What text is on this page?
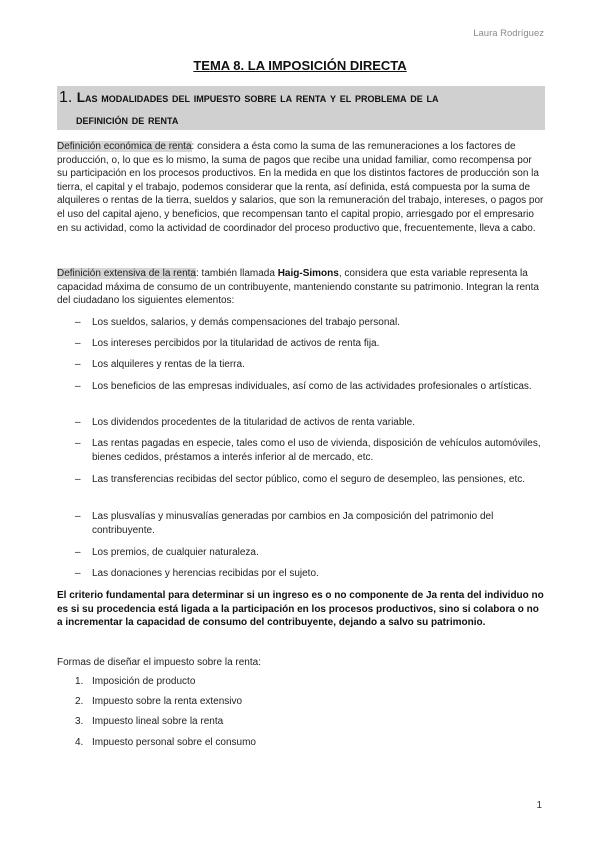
Laura Rodríguez
TEMA 8. LA IMPOSICIÓN DIRECTA
1. Las modalidades del impuesto sobre la renta y el problema de la
definición de renta
Definición económica de renta: considera a ésta como la suma de las remuneraciones a los factores de producción, o, lo que es lo mismo, la suma de pagos que recibe una unidad familiar, como recompensa por su participación en los procesos productivos. En la medida en que los distintos factores de producción son la tierra, el capital y el trabajo, podemos considerar que la renta, así definida, está compuesta por la suma de alquileres o rentas de la tierra, sueldos y salarios, que son la remuneración del trabajo, intereses, o pagos por el uso del capital ajeno, y beneficios, que recompensan tanto el capital propio, arriesgado por el empresario en su actividad, como la actividad de coordinador del proceso productivo que, frecuentemente, lleva a cabo.
Definición extensiva de la renta: también llamada Haig-Simons, considera que esta variable representa la capacidad máxima de consumo de un contribuyente, manteniendo constante su patrimonio. Integran la renta del ciudadano los siguientes elementos:
– Los sueldos, salarios, y demás compensaciones del trabajo personal.
– Los intereses percibidos por la titularidad de activos de renta fija.
– Los alquileres y rentas de la tierra.
– Los beneficios de las empresas individuales, así como de las actividades profesionales o artísticas.
– Los dividendos procedentes de la titularidad de activos de renta variable.
– Las rentas pagadas en especie, tales como el uso de vivienda, disposición de vehículos automóviles, bienes cedidos, préstamos a interés inferior al de mercado, etc.
– Las transferencias recibidas del sector público, como el seguro de desempleo, las pensiones, etc.
– Las plusvalías y minusvalías generadas por cambios en Ja composición del patrimonio del contribuyente.
– Los premios, de cualquier naturaleza.
– Las donaciones y herencias recibidas por el sujeto.
El criterio fundamental para determinar si un ingreso es o no componente de Ja renta del individuo no es si su procedencia está ligada a la participación en los procesos productivos, sino si colabora o no a incrementar la capacidad de consumo del contribuyente, dejando a salvo su patrimonio.
Formas de diseñar el impuesto sobre la renta:
1. Imposición de producto
2. Impuesto sobre la renta extensivo
3. Impuesto lineal sobre la renta
4. Impuesto personal sobre el consumo
1
